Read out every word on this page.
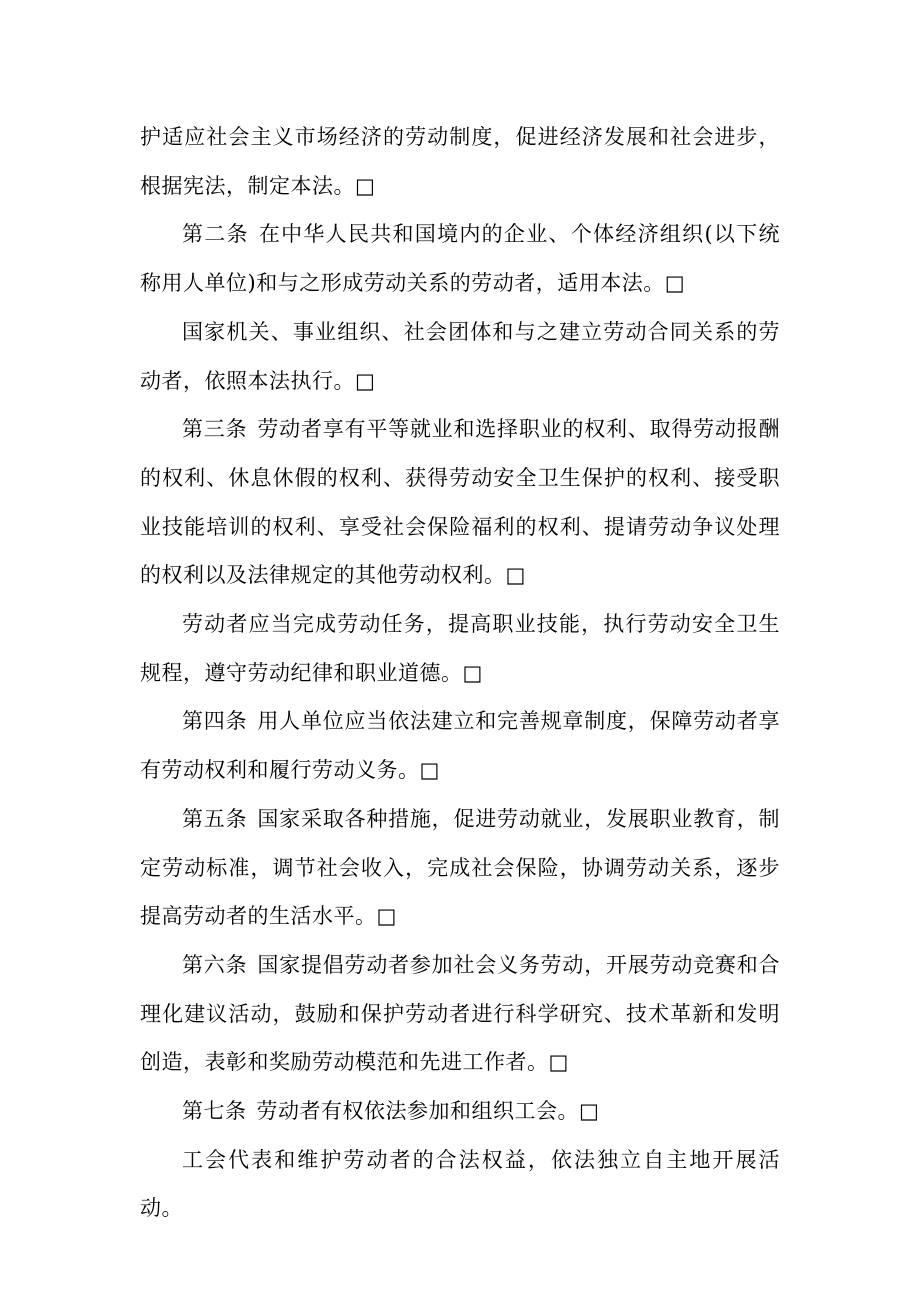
护适应社会主义市场经济的劳动制度，促进经济发展和社会进步，根据宪法，制定本法。□

第二条 在中华人民共和国境内的企业、个体经济组织(以下统称用人单位)和与之形成劳动关系的劳动者，适用本法。□

国家机关、事业组织、社会团体和与之建立劳动合同关系的劳动者，依照本法执行。□

第三条 劳动者享有平等就业和选择职业的权利、取得劳动报酬的权利、休息休假的权利、获得劳动安全卫生保护的权利、接受职业技能培训的权利、享受社会保险福利的权利、提请劳动争议处理的权利以及法律规定的其他劳动权利。□

劳动者应当完成劳动任务，提高职业技能，执行劳动安全卫生规程，遵守劳动纪律和职业道德。□

第四条 用人单位应当依法建立和完善规章制度，保障劳动者享有劳动权利和履行劳动义务。□

第五条 国家采取各种措施，促进劳动就业，发展职业教育，制定劳动标准，调节社会收入，完成社会保险，协调劳动关系，逐步提高劳动者的生活水平。□

第六条 国家提倡劳动者参加社会义务劳动，开展劳动竞赛和合理化建议活动，鼓励和保护劳动者进行科学研究、技术革新和发明创造，表彰和奖励劳动模范和先进工作者。□

第七条 劳动者有权依法参加和组织工会。□

工会代表和维护劳动者的合法权益，依法独立自主地开展活动。
